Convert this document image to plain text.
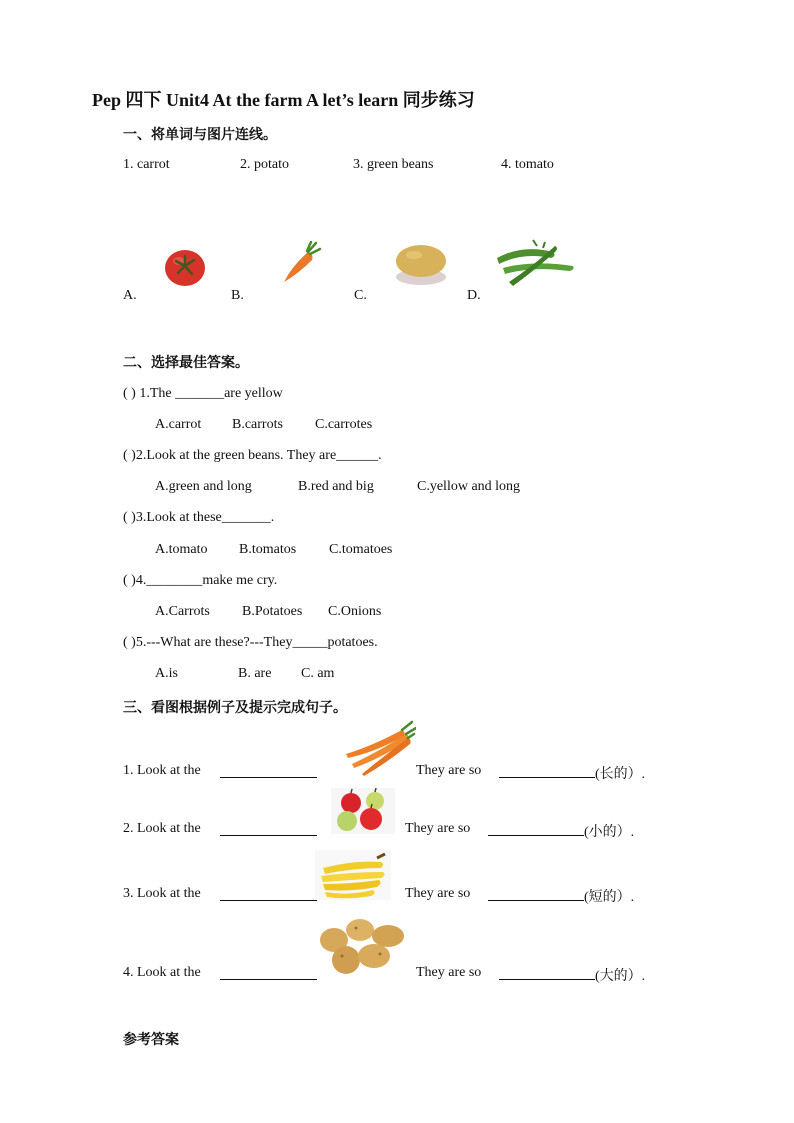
Pep 四下 Unit4 At the farm A let’s learn 同步练习
一、将单词与图片连线。
1. carrot	2. potato	3. green beans	4. tomato
A.	B.	C.	D.
二、选择最佳答案。
( ) 1.The _______are yellow
A.carrot B.carrots C.carrotes
( )2.Look at the green beans. They are______.
A.green and long	B.red and big	C.yellow and long
( )3.Look at these_______.
A.tomato B.tomatos C.tomatoes
( )4.________make me cry.
A.Carrots B.Potatoes C.Onions
( )5.---What are these?---They_____potatoes.
A.is	B. are C. am
三、看图根据例子及提示完成句子。
1. Look at the	They are so	(长的）.
2. Look at the	They are so	(小的）.
3. Look at the	They are so	(短的）.
4. Look at the	They are so	(大的）.
参考答案
